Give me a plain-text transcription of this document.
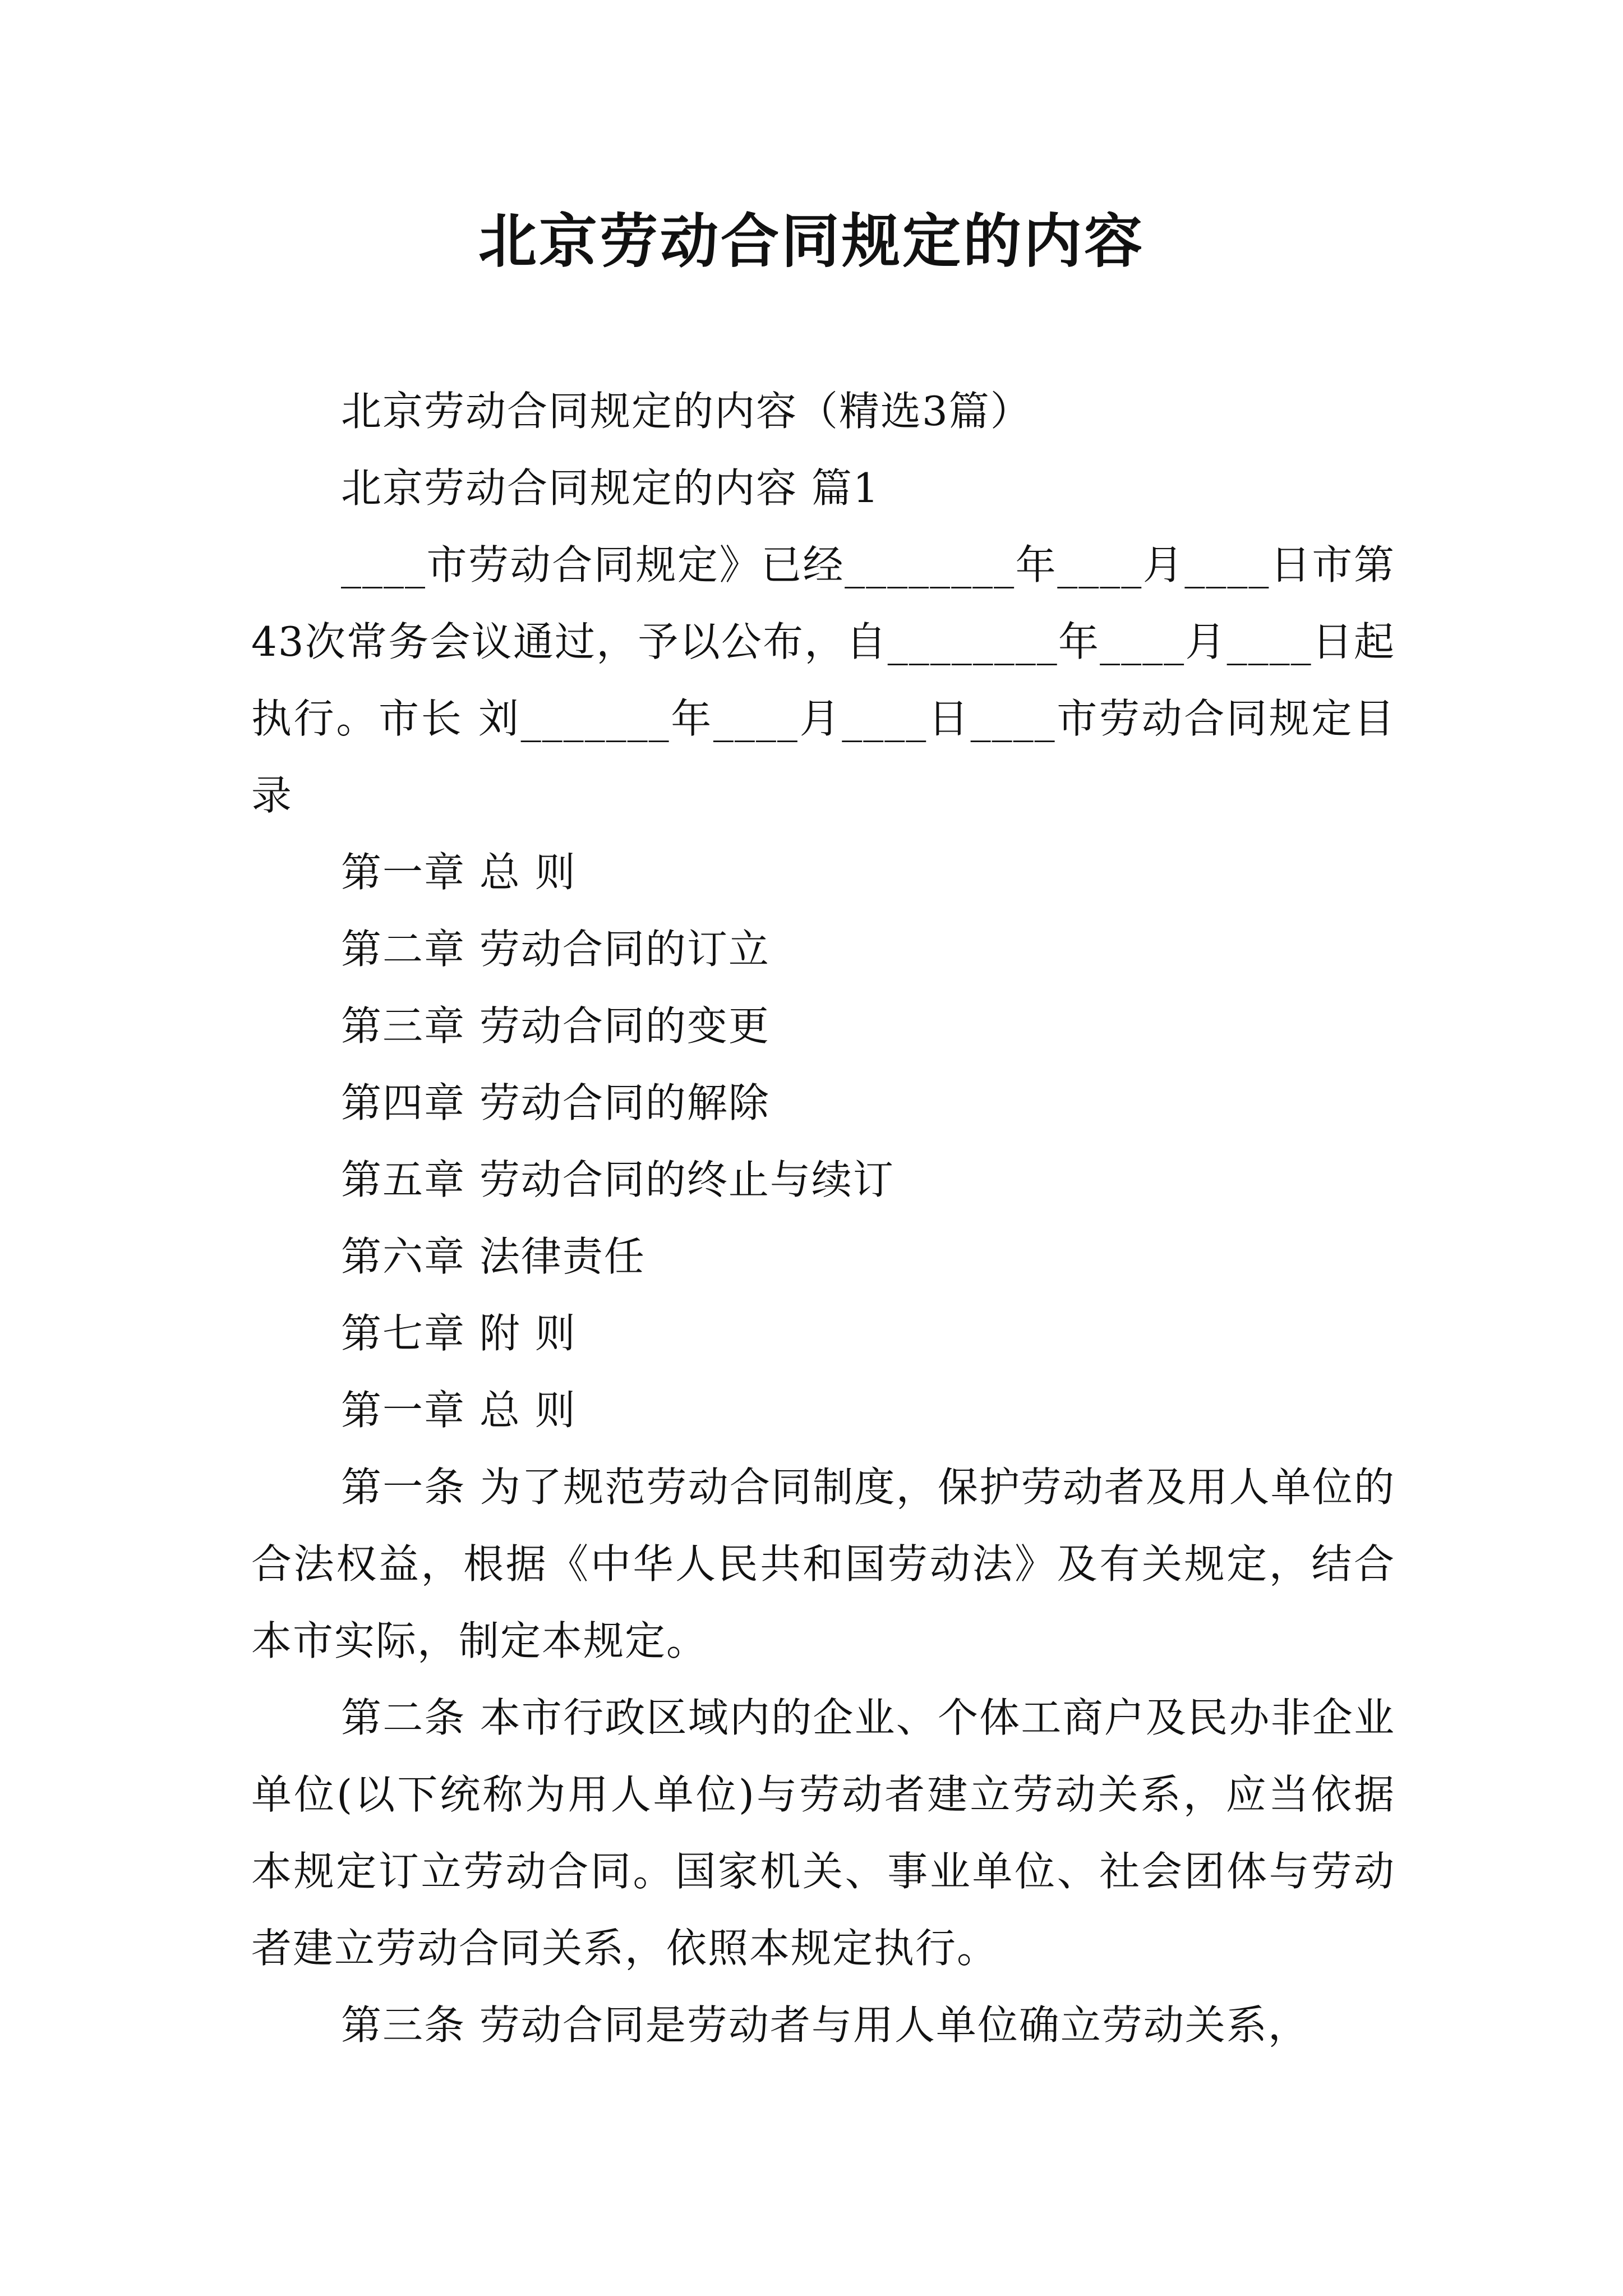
北京劳动合同规定的内容

北京劳动合同规定的内容（精选3篇）

北京劳动合同规定的内容 篇1

____市劳动合同规定》已经________年____月____日市第43次常务会议通过，予以公布，自________年____月____日起执行。市长 刘_______年____月____日____市劳动合同规定目 录

第一章 总 则

第二章 劳动合同的订立

第三章 劳动合同的变更

第四章 劳动合同的解除

第五章 劳动合同的终止与续订

第六章 法律责任

第七章 附 则

第一章 总 则

第一条 为了规范劳动合同制度，保护劳动者及用人单位的合法权益，根据《中华人民共和国劳动法》及有关规定，结合本市实际，制定本规定。

第二条 本市行政区域内的企业、个体工商户及民办非企业单位(以下统称为用人单位)与劳动者建立劳动关系，应当依据本规定订立劳动合同。国家机关、事业单位、社会团体与劳动者建立劳动合同关系，依照本规定执行。

第三条 劳动合同是劳动者与用人单位确立劳动关系，
